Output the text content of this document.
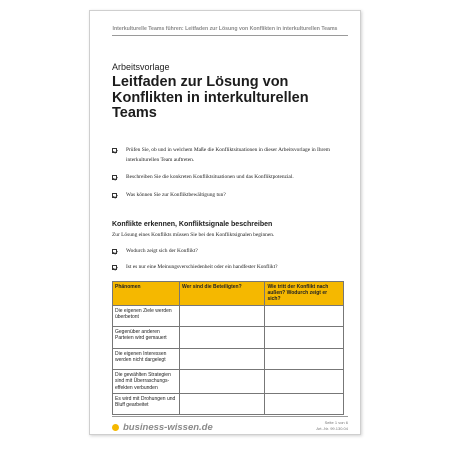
Interkulturelle Teams führen: Leitfaden zur Lösung von Konflikten in interkulturellen Teams

Arbeitsvorlage

Leitfaden zur Lösung von Konflikten in interkulturellen Teams
Prüfen Sie, ob und in welchem Maße die Konfliktsituationen in dieser Arbeitsvorlage in Ihrem interkulturellen Team auftreten.
Beschreiben Sie die konkreten Konfliktsituationen und das Konfliktpotenzial.
Was können Sie zur Konfliktbewältigung tun?
Konflikte erkennen, Konfliktsignale beschreiben
Zur Lösung eines Konflikts müssen Sie bei den Konfliktsignalen beginnen.
Wodurch zeigt sich der Konflikt?
Ist es nur eine Meinungsverschiedenheit oder ein handfester Konflikt?
Phänomen	Wer sind die Beteiligten?	Wie tritt der Konflikt nach außen? Wodurch zeigt er sich?
Die eigenen Ziele werden überbetont		
Gegenüber anderen Parteien wird gemauert		
Die eigenen Interessen werden nicht dargelegt		
Die gewählten Strategien sind mit Überraschungs-effekten verbunden		
Es wird mit Drohungen und Bluff gearbeitet		
business-wissen.de	Seite 1 von 6
Art.-Nr. 99.130.04
